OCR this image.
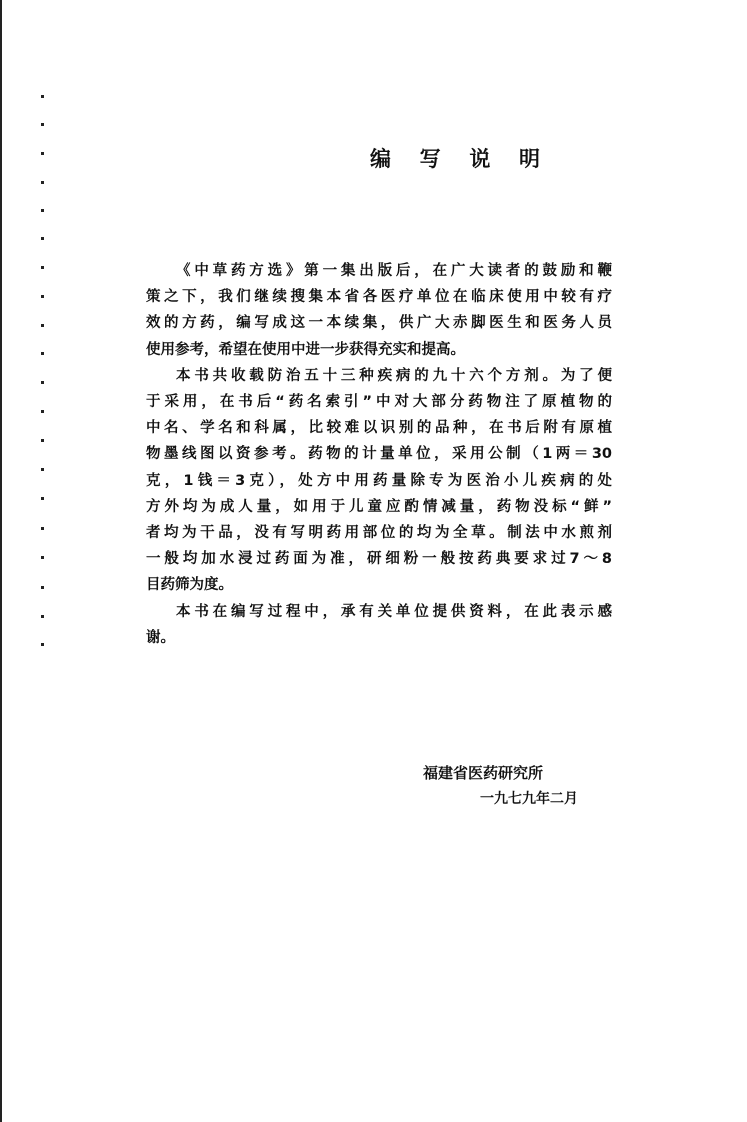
编 写 说 明
《中草药方选》第一集出版后，在广大读者的鼓励和鞭
策之下，我们继续搜集本省各医疗单位在临床使用中较有疗
效的方药，编写成这一本续集，供广大赤脚医生和医务人员
使用参考，希望在使用中进一步获得充实和提高。
本书共收载防治五十三种疾病的九十六个方剂。为了便
于采用，在书后“药名索引”中对大部分药物注了原植物的
中名、学名和科属，比较难以识别的品种，在书后附有原植
物墨线图以资参考。药物的计量单位，采用公制（1两＝30
克，1钱＝3克），处方中用药量除专为医治小儿疾病的处
方外均为成人量，如用于儿童应酌情减量，药物没标“鲜”
者均为干品，没有写明药用部位的均为全草。制法中水煎剂
一般均加水浸过药面为准，研细粉一般按药典要求过7～8
目药筛为度。
本书在编写过程中，承有关单位提供资料，在此表示感
谢。
福建省医药研究所
一九七九年二月
